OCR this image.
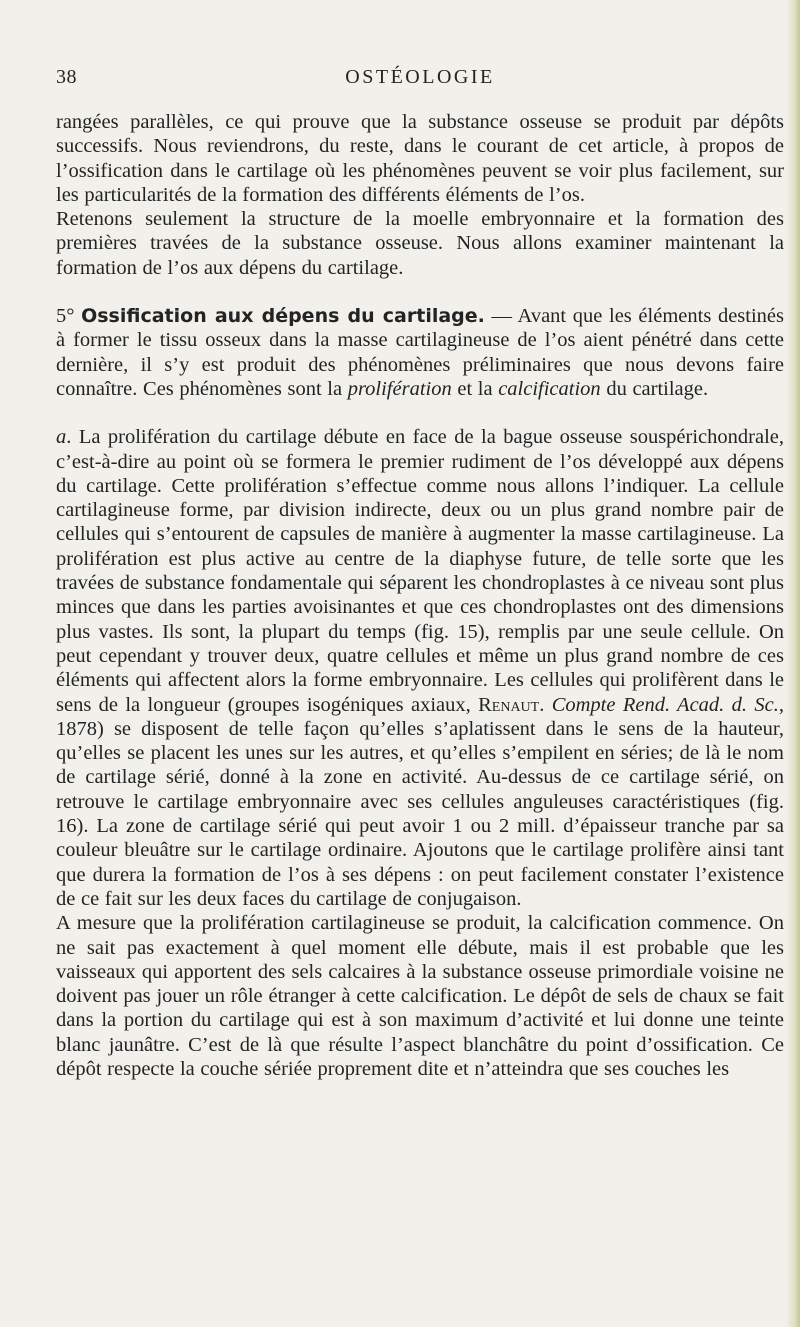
38	OSTÉOLOGIE

rangées parallèles, ce qui prouve que la substance osseuse se produit par dépôts successifs. Nous reviendrons, du reste, dans le courant de cet article, à propos de l’ossification dans le cartilage où les phénomènes peuvent se voir plus facilement, sur les particularités de la formation des différents éléments de l’os.

Retenons seulement la structure de la moelle embryonnaire et la formation des premières travées de la substance osseuse. Nous allons examiner maintenant la formation de l’os aux dépens du cartilage.

5° Ossification aux dépens du cartilage. — Avant que les éléments destinés à former le tissu osseux dans la masse cartilagineuse de l’os aient pénétré dans cette dernière, il s’y est produit des phénomènes préliminaires que nous devons faire connaître. Ces phénomènes sont la prolifération et la calcification du cartilage.

a. La prolifération du cartilage débute en face de la bague osseuse souspérichondrale, c’est-à-dire au point où se formera le premier rudiment de l’os développé aux dépens du cartilage. Cette prolifération s’effectue comme nous allons l’indiquer. La cellule cartilagineuse forme, par division indirecte, deux ou un plus grand nombre pair de cellules qui s’entourent de capsules de manière à augmenter la masse cartilagineuse. La prolifération est plus active au centre de la diaphyse future, de telle sorte que les travées de substance fondamentale qui séparent les chondroplastes à ce niveau sont plus minces que dans les parties avoisinantes et que ces chondroplastes ont des dimensions plus vastes. Ils sont, la plupart du temps (fig. 15), remplis par une seule cellule. On peut cependant y trouver deux, quatre cellules et même un plus grand nombre de ces éléments qui affectent alors la forme embryonnaire. Les cellules qui prolifèrent dans le sens de la longueur (groupes isogéniques axiaux, Renaut. Compte Rend. Acad. d. Sc., 1878) se disposent de telle façon qu’elles s’aplatissent dans le sens de la hauteur, qu’elles se placent les unes sur les autres, et qu’elles s’empilent en séries; de là le nom de cartilage sérié, donné à la zone en activité. Au-dessus de ce cartilage sérié, on retrouve le cartilage embryonnaire avec ses cellules anguleuses caractéristiques (fig. 16). La zone de cartilage sérié qui peut avoir 1 ou 2 mill. d’épaisseur tranche par sa couleur bleuâtre sur le cartilage ordinaire. Ajoutons que le cartilage prolifère ainsi tant que durera la formation de l’os à ses dépens : on peut facilement constater l’existence de ce fait sur les deux faces du cartilage de conjugaison.

A mesure que la prolifération cartilagineuse se produit, la calcification commence. On ne sait pas exactement à quel moment elle débute, mais il est probable que les vaisseaux qui apportent des sels calcaires à la substance osseuse primordiale voisine ne doivent pas jouer un rôle étranger à cette calcification. Le dépôt de sels de chaux se fait dans la portion du cartilage qui est à son maximum d’activité et lui donne une teinte blanc jaunâtre. C’est de là que résulte l’aspect blanchâtre du point d’ossification. Ce dépôt respecte la couche sériée proprement dite et n’atteindra que ses couches les
